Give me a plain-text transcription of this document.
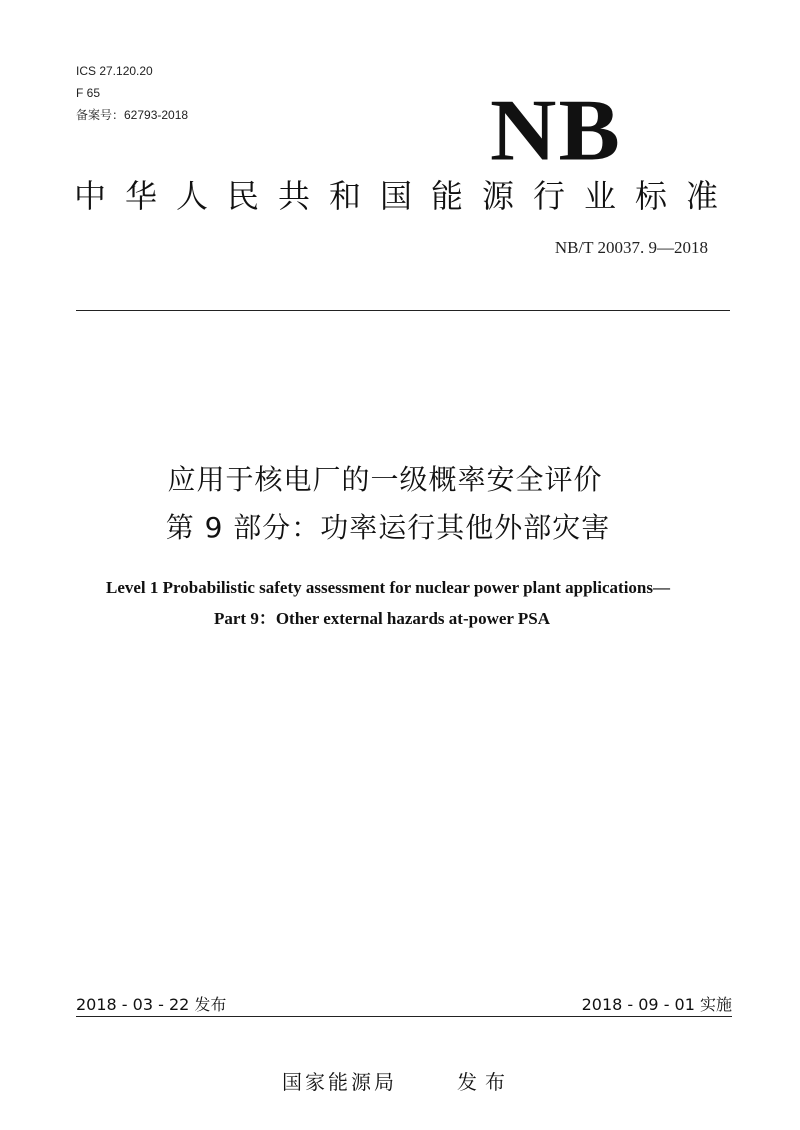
ICS 27.120.20
F 65
备案号：62793-2018	NB
中华人民共和国能源行业标准
NB/T 20037. 9—2018
应用于核电厂的一级概率安全评价
第 9 部分：功率运行其他外部灾害
Level 1 Probabilistic safety assessment for nuclear power plant applications—
Part 9：Other external hazards at-power PSA
2018 - 03 - 22 发布	2018 - 09 - 01 实施
国家能源局	发布
